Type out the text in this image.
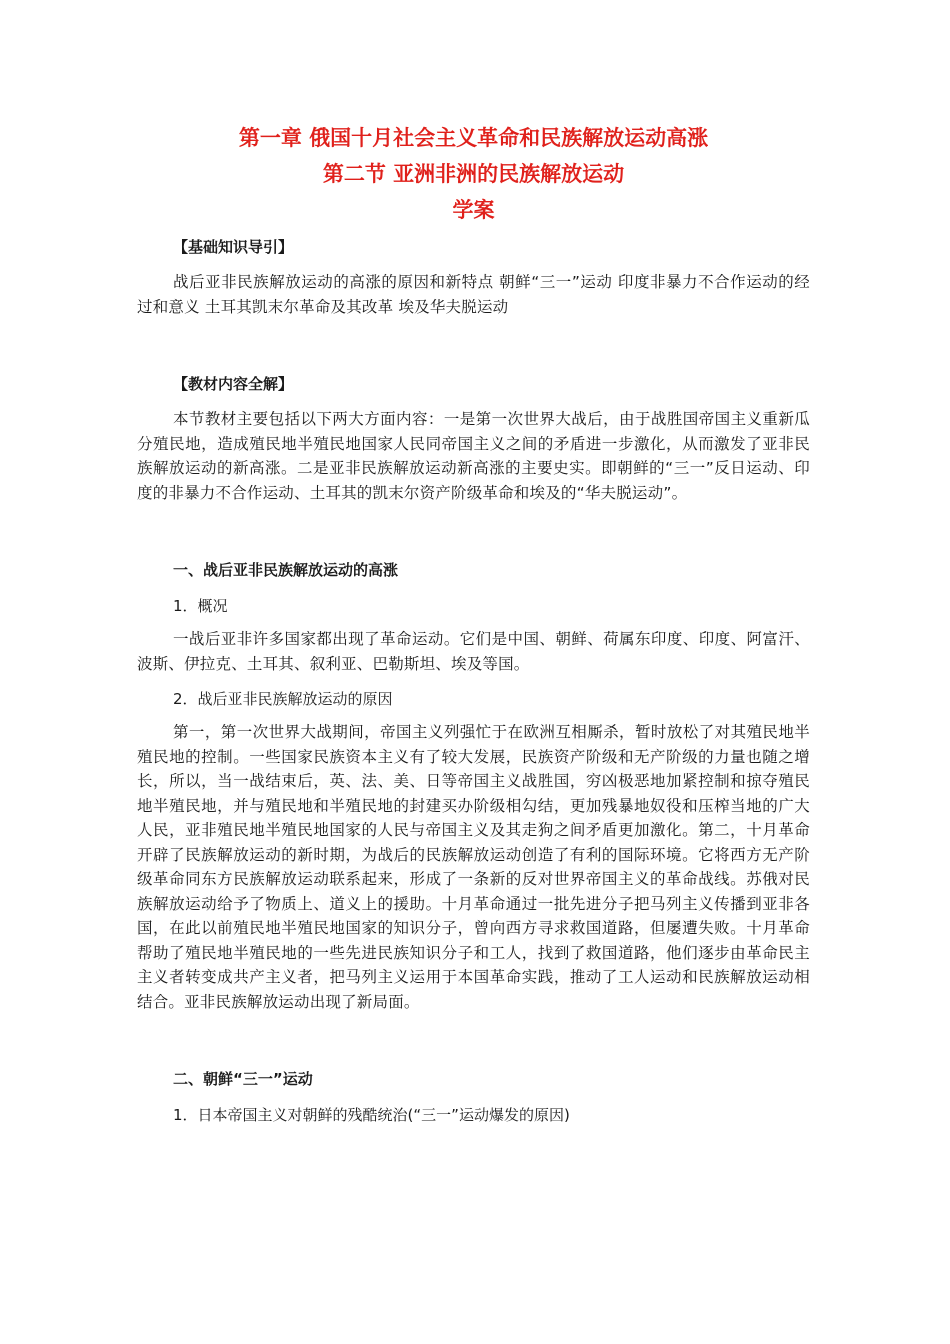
第一章 俄国十月社会主义革命和民族解放运动高涨
第二节 亚洲非洲的民族解放运动
学案

【基础知识导引】

战后亚非民族解放运动的高涨的原因和新特点 朝鲜“三一”运动 印度非暴力不合作运动的经过和意义 土耳其凯末尔革命及其改革 埃及华夫脱运动

【教材内容全解】

本节教材主要包括以下两大方面内容：一是第一次世界大战后，由于战胜国帝国主义重新瓜分殖民地，造成殖民地半殖民地国家人民同帝国主义之间的矛盾进一步激化，从而激发了亚非民族解放运动的新高涨。二是亚非民族解放运动新高涨的主要史实。即朝鲜的“三一”反日运动、印度的非暴力不合作运动、土耳其的凯末尔资产阶级革命和埃及的“华夫脱运动”。

一、战后亚非民族解放运动的高涨

1．概况

一战后亚非许多国家都出现了革命运动。它们是中国、朝鲜、荷属东印度、印度、阿富汗、波斯、伊拉克、土耳其、叙利亚、巴勒斯坦、埃及等国。

2．战后亚非民族解放运动的原因

第一，第一次世界大战期间，帝国主义列强忙于在欧洲互相厮杀，暂时放松了对其殖民地半殖民地的控制。一些国家民族资本主义有了较大发展，民族资产阶级和无产阶级的力量也随之增长，所以，当一战结束后，英、法、美、日等帝国主义战胜国，穷凶极恶地加紧控制和掠夺殖民地半殖民地，并与殖民地和半殖民地的封建买办阶级相勾结，更加残暴地奴役和压榨当地的广大人民，亚非殖民地半殖民地国家的人民与帝国主义及其走狗之间矛盾更加激化。第二，十月革命开辟了民族解放运动的新时期，为战后的民族解放运动创造了有利的国际环境。它将西方无产阶级革命同东方民族解放运动联系起来，形成了一条新的反对世界帝国主义的革命战线。苏俄对民族解放运动给予了物质上、道义上的援助。十月革命通过一批先进分子把马列主义传播到亚非各国，在此以前殖民地半殖民地国家的知识分子，曾向西方寻求救国道路，但屡遭失败。十月革命帮助了殖民地半殖民地的一些先进民族知识分子和工人，找到了救国道路，他们逐步由革命民主主义者转变成共产主义者，把马列主义运用于本国革命实践，推动了工人运动和民族解放运动相结合。亚非民族解放运动出现了新局面。

二、朝鲜“三一”运动

1．日本帝国主义对朝鲜的残酷统治(“三一”运动爆发的原因)
